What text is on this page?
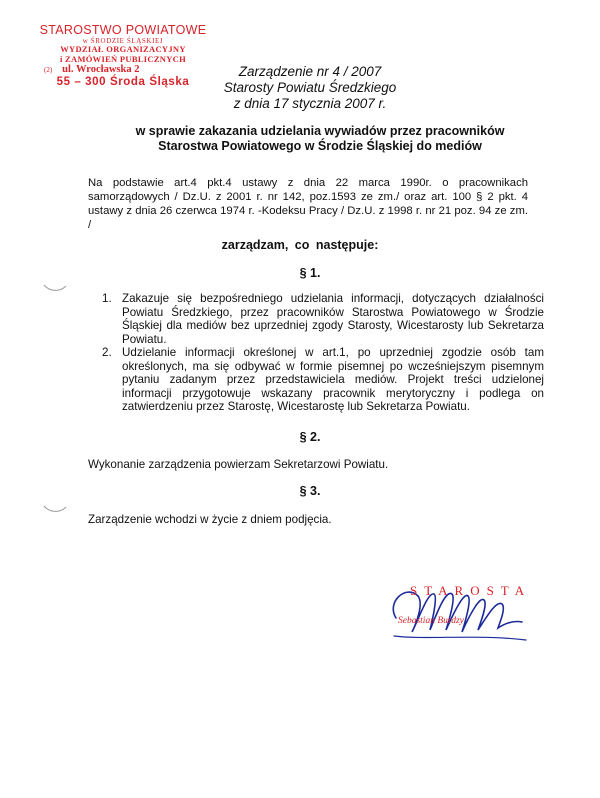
STAROSTWO POWIATOWE
w ŚRODZIE ŚLĄSKIEJ
WYDZIAŁ ORGANIZACYJNY
i ZAMÓWIEŃ PUBLICZNYCH
(2) ul. Wrocławska 2
55 – 300 Środa Śląska
Zarządzenie nr 4 / 2007
Starosty Powiatu Średzkiego
z dnia 17 stycznia 2007 r.
w sprawie zakazania udzielania wywiadów przez pracowników
Starostwa Powiatowego w Środzie Śląskiej do mediów
Na podstawie art.4 pkt.4 ustawy z dnia 22 marca 1990r. o pracownikach samorządowych / Dz.U. z 2001 r. nr 142, poz.1593 ze zm./ oraz art. 100 § 2 pkt. 4 ustawy z dnia 26 czerwca 1974 r. -Kodeksu Pracy / Dz.U. z 1998 r. nr 21 poz. 94 ze zm. /
zarządzam, co następuje:
§ 1.
1. Zakazuje się bezpośredniego udzielania informacji, dotyczących działalności Powiatu Średzkiego, przez pracowników Starostwa Powiatowego w Środzie Śląskiej dla mediów bez uprzedniej zgody Starosty, Wicestarosty lub Sekretarza Powiatu.
2. Udzielanie informacji określonej w art.1, po uprzedniej zgodzie osób tam określonych, ma się odbywać w formie pisemnej po wcześniejszym pisemnym pytaniu zadanym przez przedstawiciela mediów. Projekt treści udzielonej informacji przygotowuje wskazany pracownik merytoryczny i podlega on zatwierdzeniu przez Starostę, Wicestarostę lub Sekretarza Powiatu.
§ 2.
Wykonanie zarządzenia powierzam Sekretarzowi Powiatu.
§ 3.
Zarządzenie wchodzi w życie z dniem podjęcia.
STAROSTA
Sebastian Burdzy
